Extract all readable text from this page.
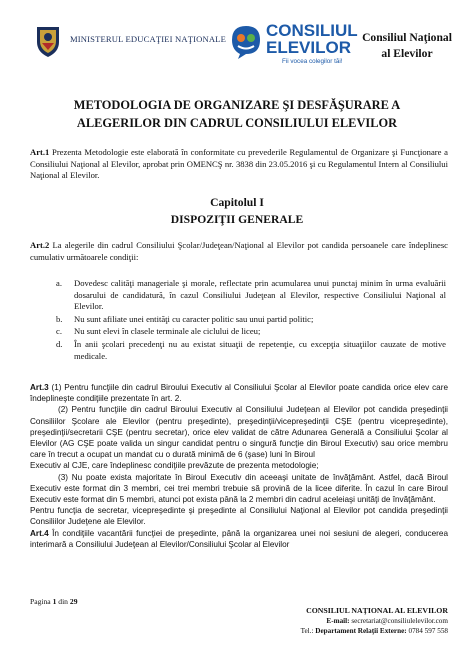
MINISTERUL EDUCAŢIEI NAŢIONALE CONSILIUL
ELEVILOR
Fii vocea colegilor tăi!
Consiliul Naţional
al Elevilor
METODOLOGIA DE ORGANIZARE ŞI DESFĂŞURARE A
ALEGERILOR DIN CADRUL CONSILIULUI ELEVILOR

Art.1 Prezenta Metodologie este elaborată în conformitate cu prevederile Regulamentul de Organizare şi Funcţionare a Consiliului Naţional al Elevilor, aprobat prin OMENCŞ nr. 3838 din 23.05.2016 şi cu Regulamentul Intern al Consiliului Naţional al Elevilor.

Capitolul I
DISPOZIŢII GENERALE

Art.2 La alegerile din cadrul Consiliului Şcolar/Judeţean/Naţional al Elevilor pot candida persoanele care îndeplinesc cumulativ următoarele condiţii:

a. Dovedesc calităţi manageriale şi morale, reflectate prin acumularea unui punctaj minim în urma evaluării dosarului de candidatură, în cazul Consiliului Judeţean al Elevilor, respective Consiliului Naţional al Elevilor.
b. Nu sunt afiliate unei entităţi cu caracter politic sau unui partid politic;
c. Nu sunt elevi în clasele terminale ale ciclului de liceu;
d. În anii şcolari precedenţi nu au existat situaţii de repetenţie, cu excepţia situaţiilor cauzate de motive medicale.

Art.3 (1) Pentru funcţiile din cadrul Biroului Executiv al Consiliului Şcolar al Elevilor poate candida orice elev care îndeplineşte condiţiile prezentate în art. 2.

(2) Pentru funcţiile din cadrul Biroului Executiv al Consiliului Judeţean al Elevilor pot candida preşedinţii Consiliilor Şcolare ale Elevilor (pentru preşedinte), preşedinţii/vicepreşedinţii CŞE (pentru vicepreşedinte), preşedinţii/secretarii CŞE (pentru secretar), orice elev validat de către Adunarea Generală a Consiliului Şcolar al Elevilor (AG CŞE poate valida un singur candidat pentru o singură funcţie din Biroul Executiv) sau orice membru care în trecut a ocupat un mandat cu o durată minimă de 6 (şase) luni în Biroul

Executiv al CJE, care îndeplinesc condiţiile prevăzute de prezenta metodologie;

(3) Nu poate exista majoritate în Biroul Executiv din aceeaşi unitate de învăţământ. Astfel, dacă Biroul Executiv este format din 3 membri, cei trei membri trebuie să provină de la licee diferite. În cazul în care Biroul Executiv este format din 5 membri, atunci pot exista până la 2 membri din cadrul aceleiaşi unităţi de învăţământ.

Pentru funcţia de secretar, vicepreşedinte şi preşedinte al Consiliului Naţional al Elevilor pot candida preşedinţii Consiliilor Judeţene ale Elevilor.

Art.4 În condiţiile vacantării funcţiei de preşedinte, până la organizarea unei noi sesiuni de alegeri, conducerea interimară a Consiliului Judeţean al Elevilor/Consiliului Şcolar al Elevilor

Pagina 1 din 29
CONSILIUL NAŢIONAL AL ELEVILOR
E-mail: secretariat@consiliulelevilor.com
Tel.: Departament Relaţii Externe: 0784 597 558
